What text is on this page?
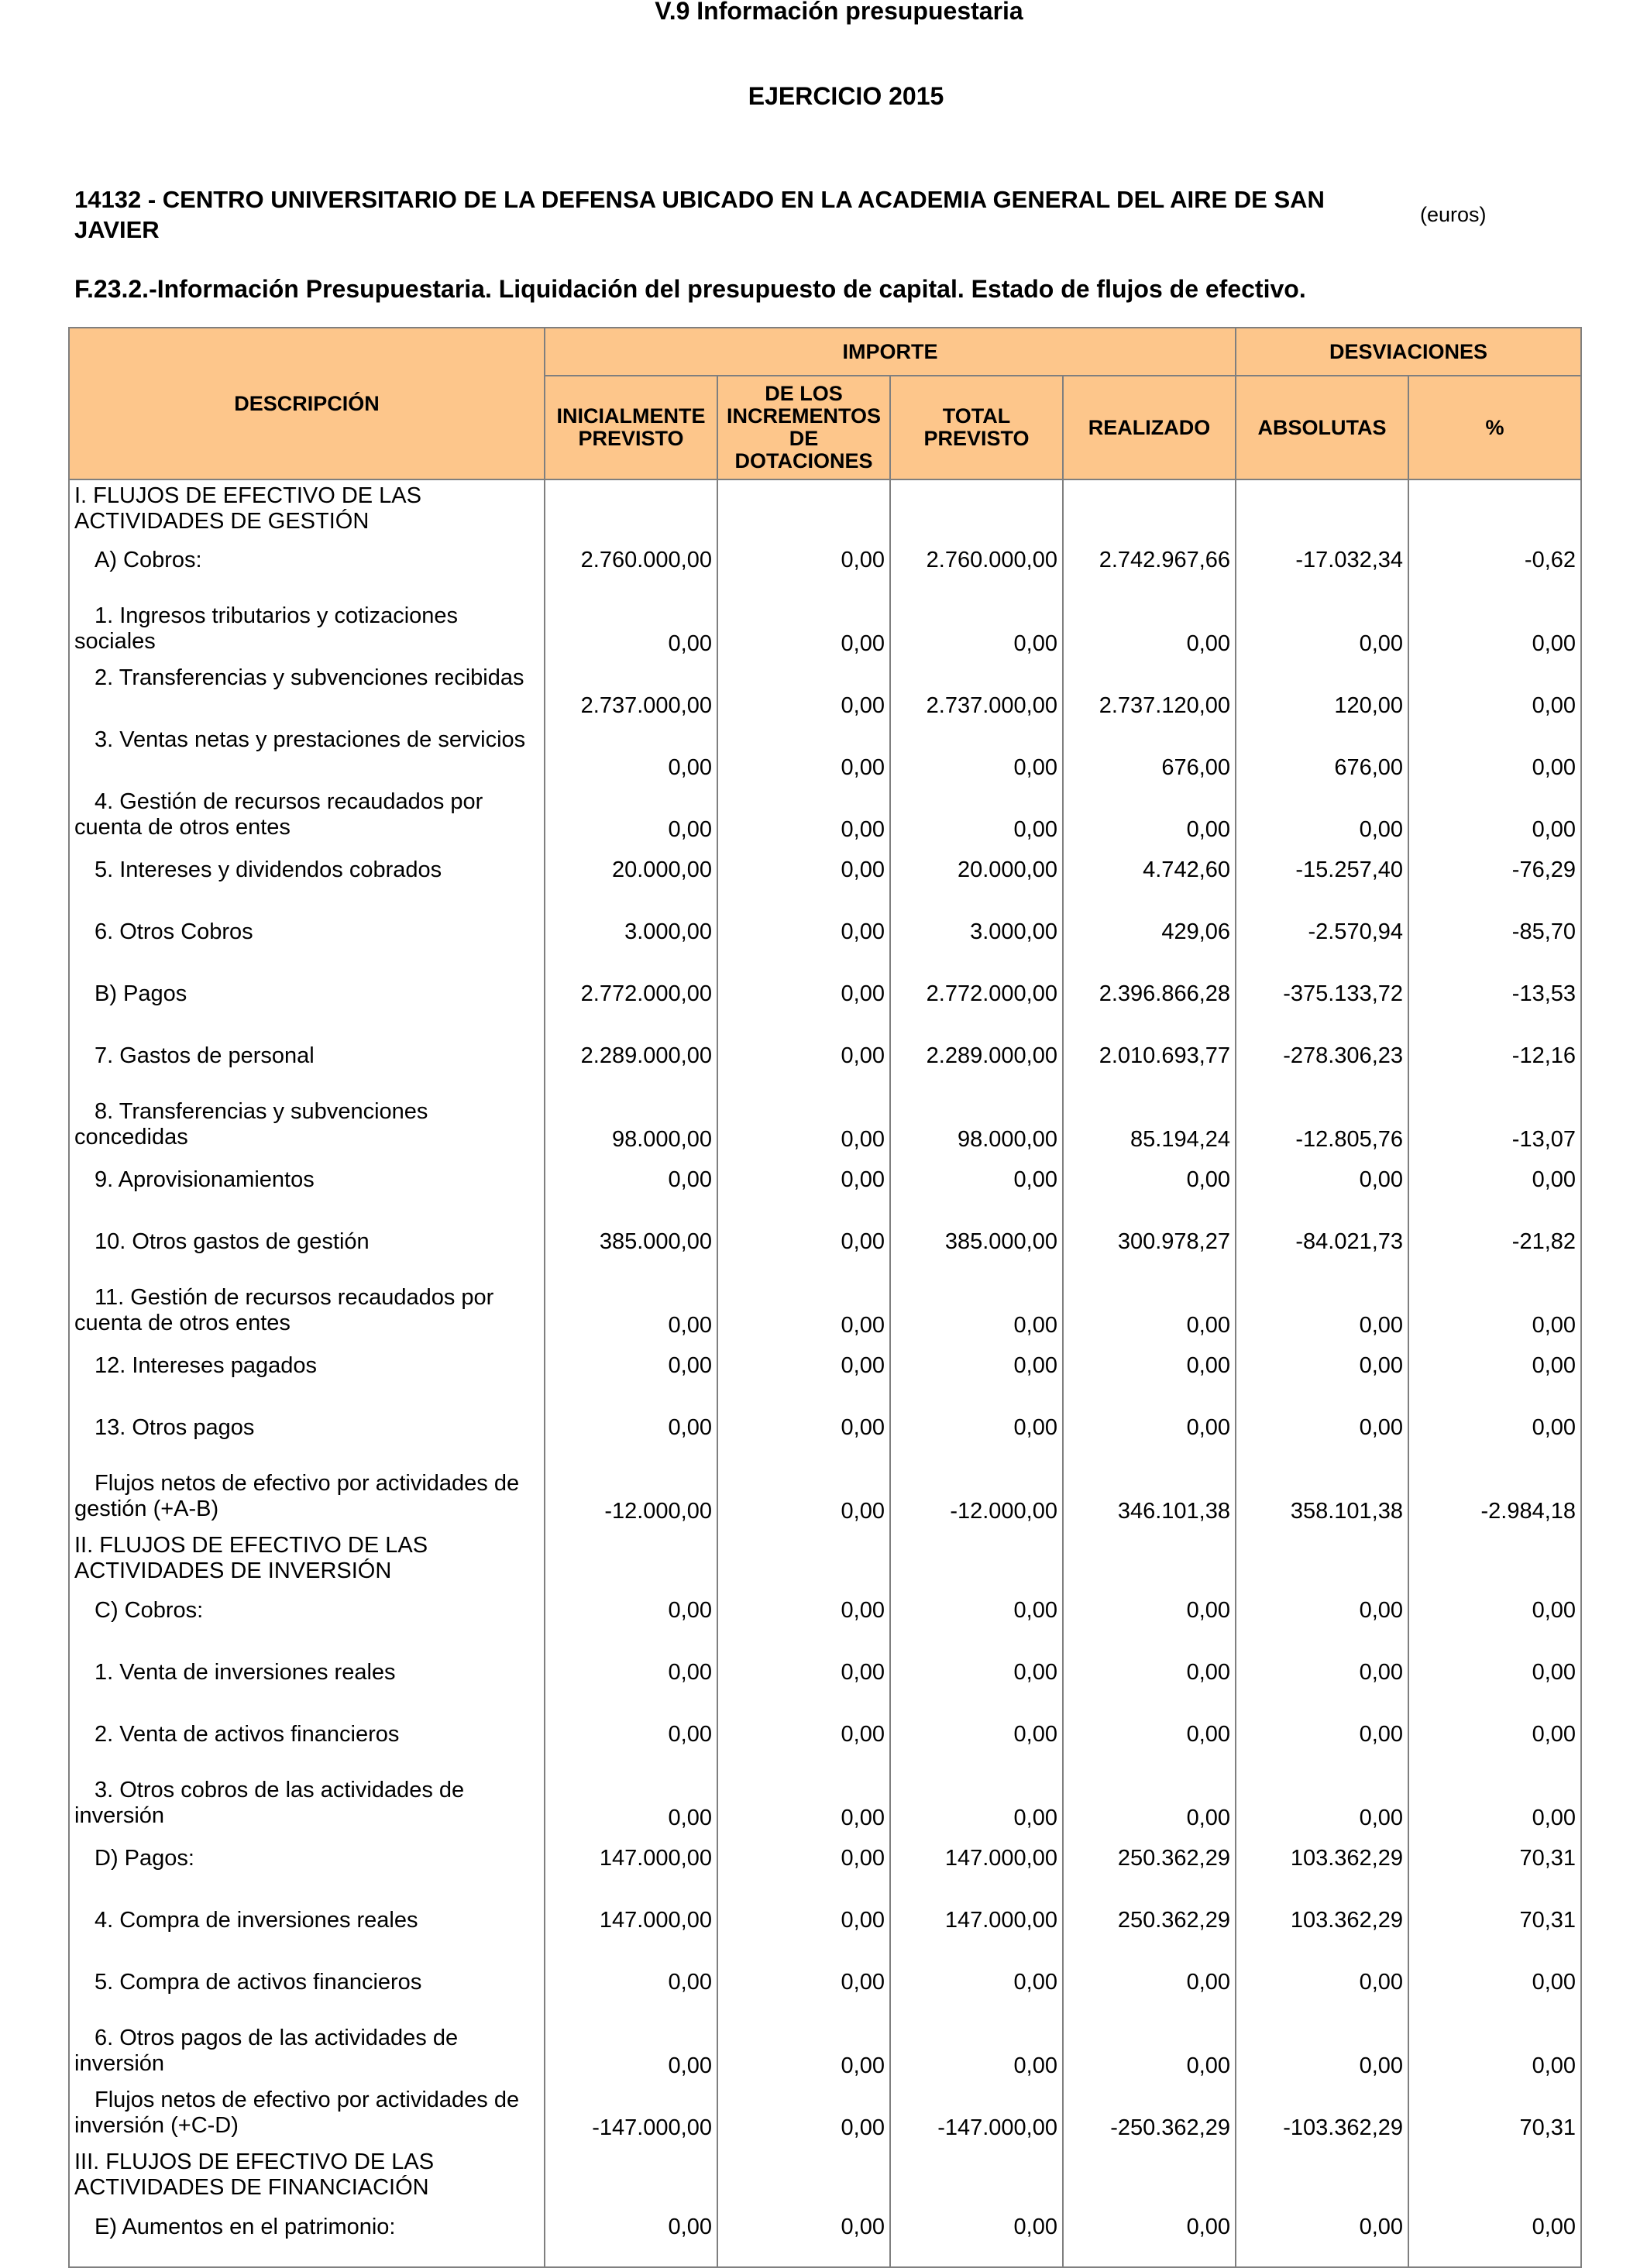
V.9 Información presupuestaria
EJERCICIO 2015
14132 - CENTRO UNIVERSITARIO DE LA DEFENSA UBICADO EN LA ACADEMIA GENERAL DEL AIRE DE SAN JAVIER
(euros)
F.23.2.-Información Presupuestaria. Liquidación del presupuesto de capital. Estado de flujos de efectivo.
DESCRIPCIÓN	IMPORTE				DESVIACIONES	
	INICIALMENTE PREVISTO	DE LOS INCREMENTOS DE DOTACIONES	TOTAL PREVISTO	REALIZADO	ABSOLUTAS	%

I. FLUJOS DE EFECTIVO DE LAS ACTIVIDADES DE GESTIÓN						

A) Cobros:	2.760.000,00	0,00	2.760.000,00	2.742.967,66	-17.032,34	-0,62

1. Ingresos tributarios y cotizaciones sociales	0,00	0,00	0,00	0,00	0,00	0,00

2. Transferencias y subvenciones recibidas	2.737.000,00	0,00	2.737.000,00	2.737.120,00	120,00	0,00

3. Ventas netas y prestaciones de servicios	0,00	0,00	0,00	676,00	676,00	0,00

4. Gestión de recursos recaudados por cuenta de otros entes	0,00	0,00	0,00	0,00	0,00	0,00

5. Intereses y dividendos cobrados	20.000,00	0,00	20.000,00	4.742,60	-15.257,40	-76,29

6. Otros Cobros	3.000,00	0,00	3.000,00	429,06	-2.570,94	-85,70

B) Pagos	2.772.000,00	0,00	2.772.000,00	2.396.866,28	-375.133,72	-13,53

7. Gastos de personal	2.289.000,00	0,00	2.289.000,00	2.010.693,77	-278.306,23	-12,16

8. Transferencias y subvenciones concedidas	98.000,00	0,00	98.000,00	85.194,24	-12.805,76	-13,07

9. Aprovisionamientos	0,00	0,00	0,00	0,00	0,00	0,00

10. Otros gastos de gestión	385.000,00	0,00	385.000,00	300.978,27	-84.021,73	-21,82

11. Gestión de recursos recaudados por cuenta de otros entes	0,00	0,00	0,00	0,00	0,00	0,00

12. Intereses pagados	0,00	0,00	0,00	0,00	0,00	0,00

13. Otros pagos	0,00	0,00	0,00	0,00	0,00	0,00

Flujos netos de efectivo por actividades de gestión (+A-B)	-12.000,00	0,00	-12.000,00	346.101,38	358.101,38	-2.984,18

II. FLUJOS DE EFECTIVO DE LAS ACTIVIDADES DE INVERSIÓN						

C) Cobros:	0,00	0,00	0,00	0,00	0,00	0,00

1. Venta de inversiones reales	0,00	0,00	0,00	0,00	0,00	0,00

2. Venta de activos financieros	0,00	0,00	0,00	0,00	0,00	0,00

3. Otros cobros de las actividades de inversión	0,00	0,00	0,00	0,00	0,00	0,00

D) Pagos:	147.000,00	0,00	147.000,00	250.362,29	103.362,29	70,31

4. Compra de inversiones reales	147.000,00	0,00	147.000,00	250.362,29	103.362,29	70,31

5. Compra de activos financieros	0,00	0,00	0,00	0,00	0,00	0,00

6. Otros pagos de las actividades de inversión	0,00	0,00	0,00	0,00	0,00	0,00

Flujos netos de efectivo por actividades de inversión (+C-D)	-147.000,00	0,00	-147.000,00	-250.362,29	-103.362,29	70,31

III. FLUJOS DE EFECTIVO DE LAS ACTIVIDADES DE FINANCIACIÓN						

E) Aumentos en el patrimonio:	0,00	0,00	0,00	0,00	0,00	0,00
